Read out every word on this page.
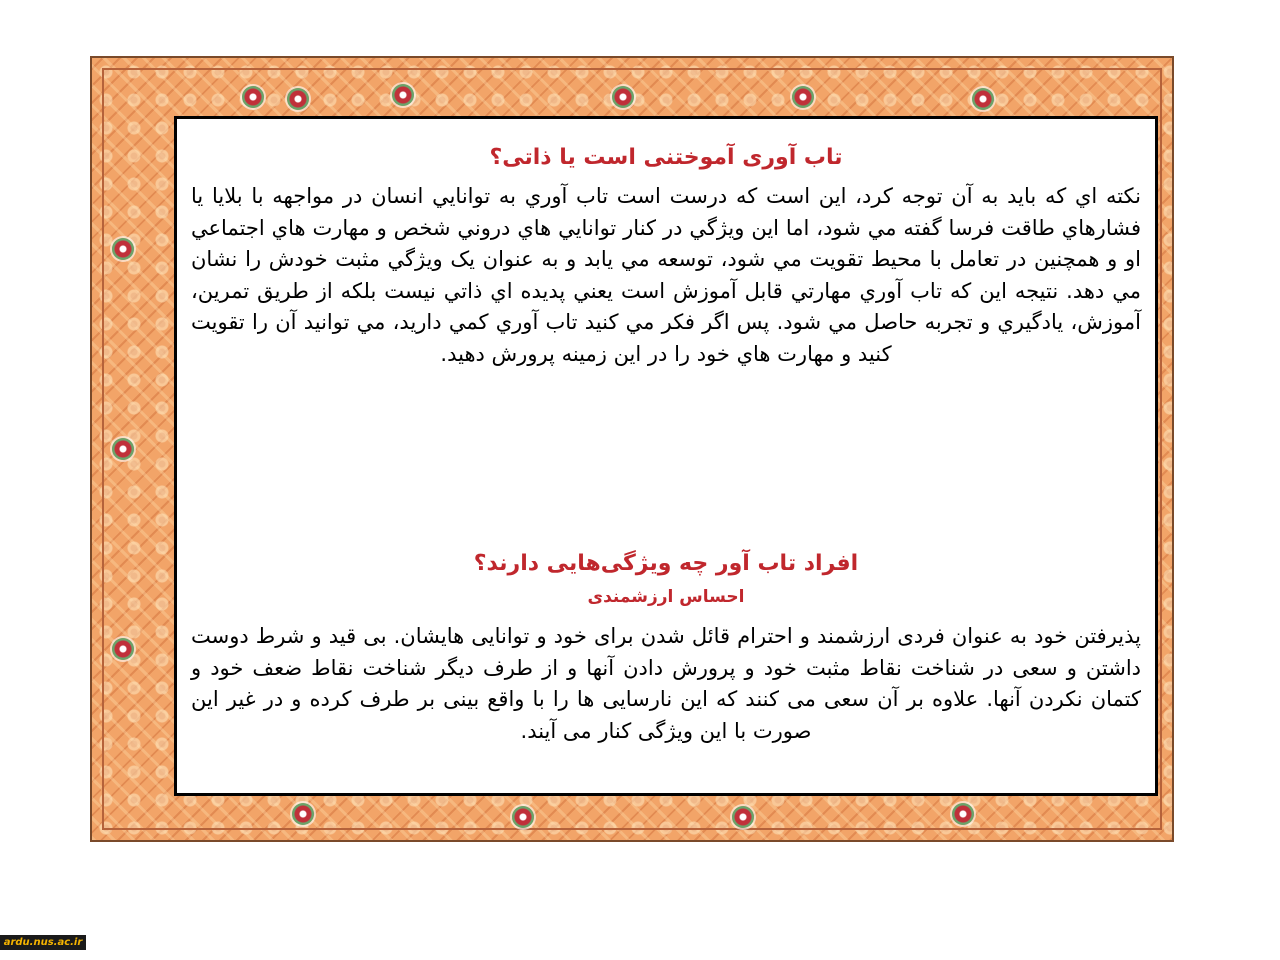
تاب آوری آموختنی است یا ذاتی؟

نكته اي كه بايد به آن توجه كرد، اين است كه درست است تاب آوري به توانايي انسان در مواجهه با بلايا يا فشارهاي طاقت فرسا گفته مي شود، اما اين ويژگي در كنار توانايي هاي دروني شخص و مهارت هاي اجتماعي او و همچنين در تعامل با محيط تقويت مي شود، توسعه مي يابد و به عنوان يک ويژگي مثبت خودش را نشان مي دهد. نتيجه اين كه تاب آوري مهارتي قابل آموزش است يعني پديده اي ذاتي نيست بلكه از طريق تمرين، آموزش، يادگيري و تجربه حاصل مي شود. پس اگر فكر مي كنيد تاب آوري كمي داريد، مي توانيد آن را تقويت كنيد و مهارت هاي خود را در اين زمينه پرورش دهيد.

افراد تاب آور چه ویژگی‌هایی دارند؟
احساس ارزشمندی

پذیرفتن خود به عنوان فردی ارزشمند و احترام قائل شدن برای خود و توانایی هایشان. بی قید و شرط دوست داشتن و سعی در شناخت نقاط مثبت خود و پرورش دادن آنها و از طرف دیگر شناخت نقاط ضعف خود و کتمان نکردن آنها. علاوه بر آن سعی می کنند که این نارسایی ها را با واقع بینی بر طرف کرده و در غیر این صورت با این ویژگی کنار می آیند.

ardu.nus.ac.ir
